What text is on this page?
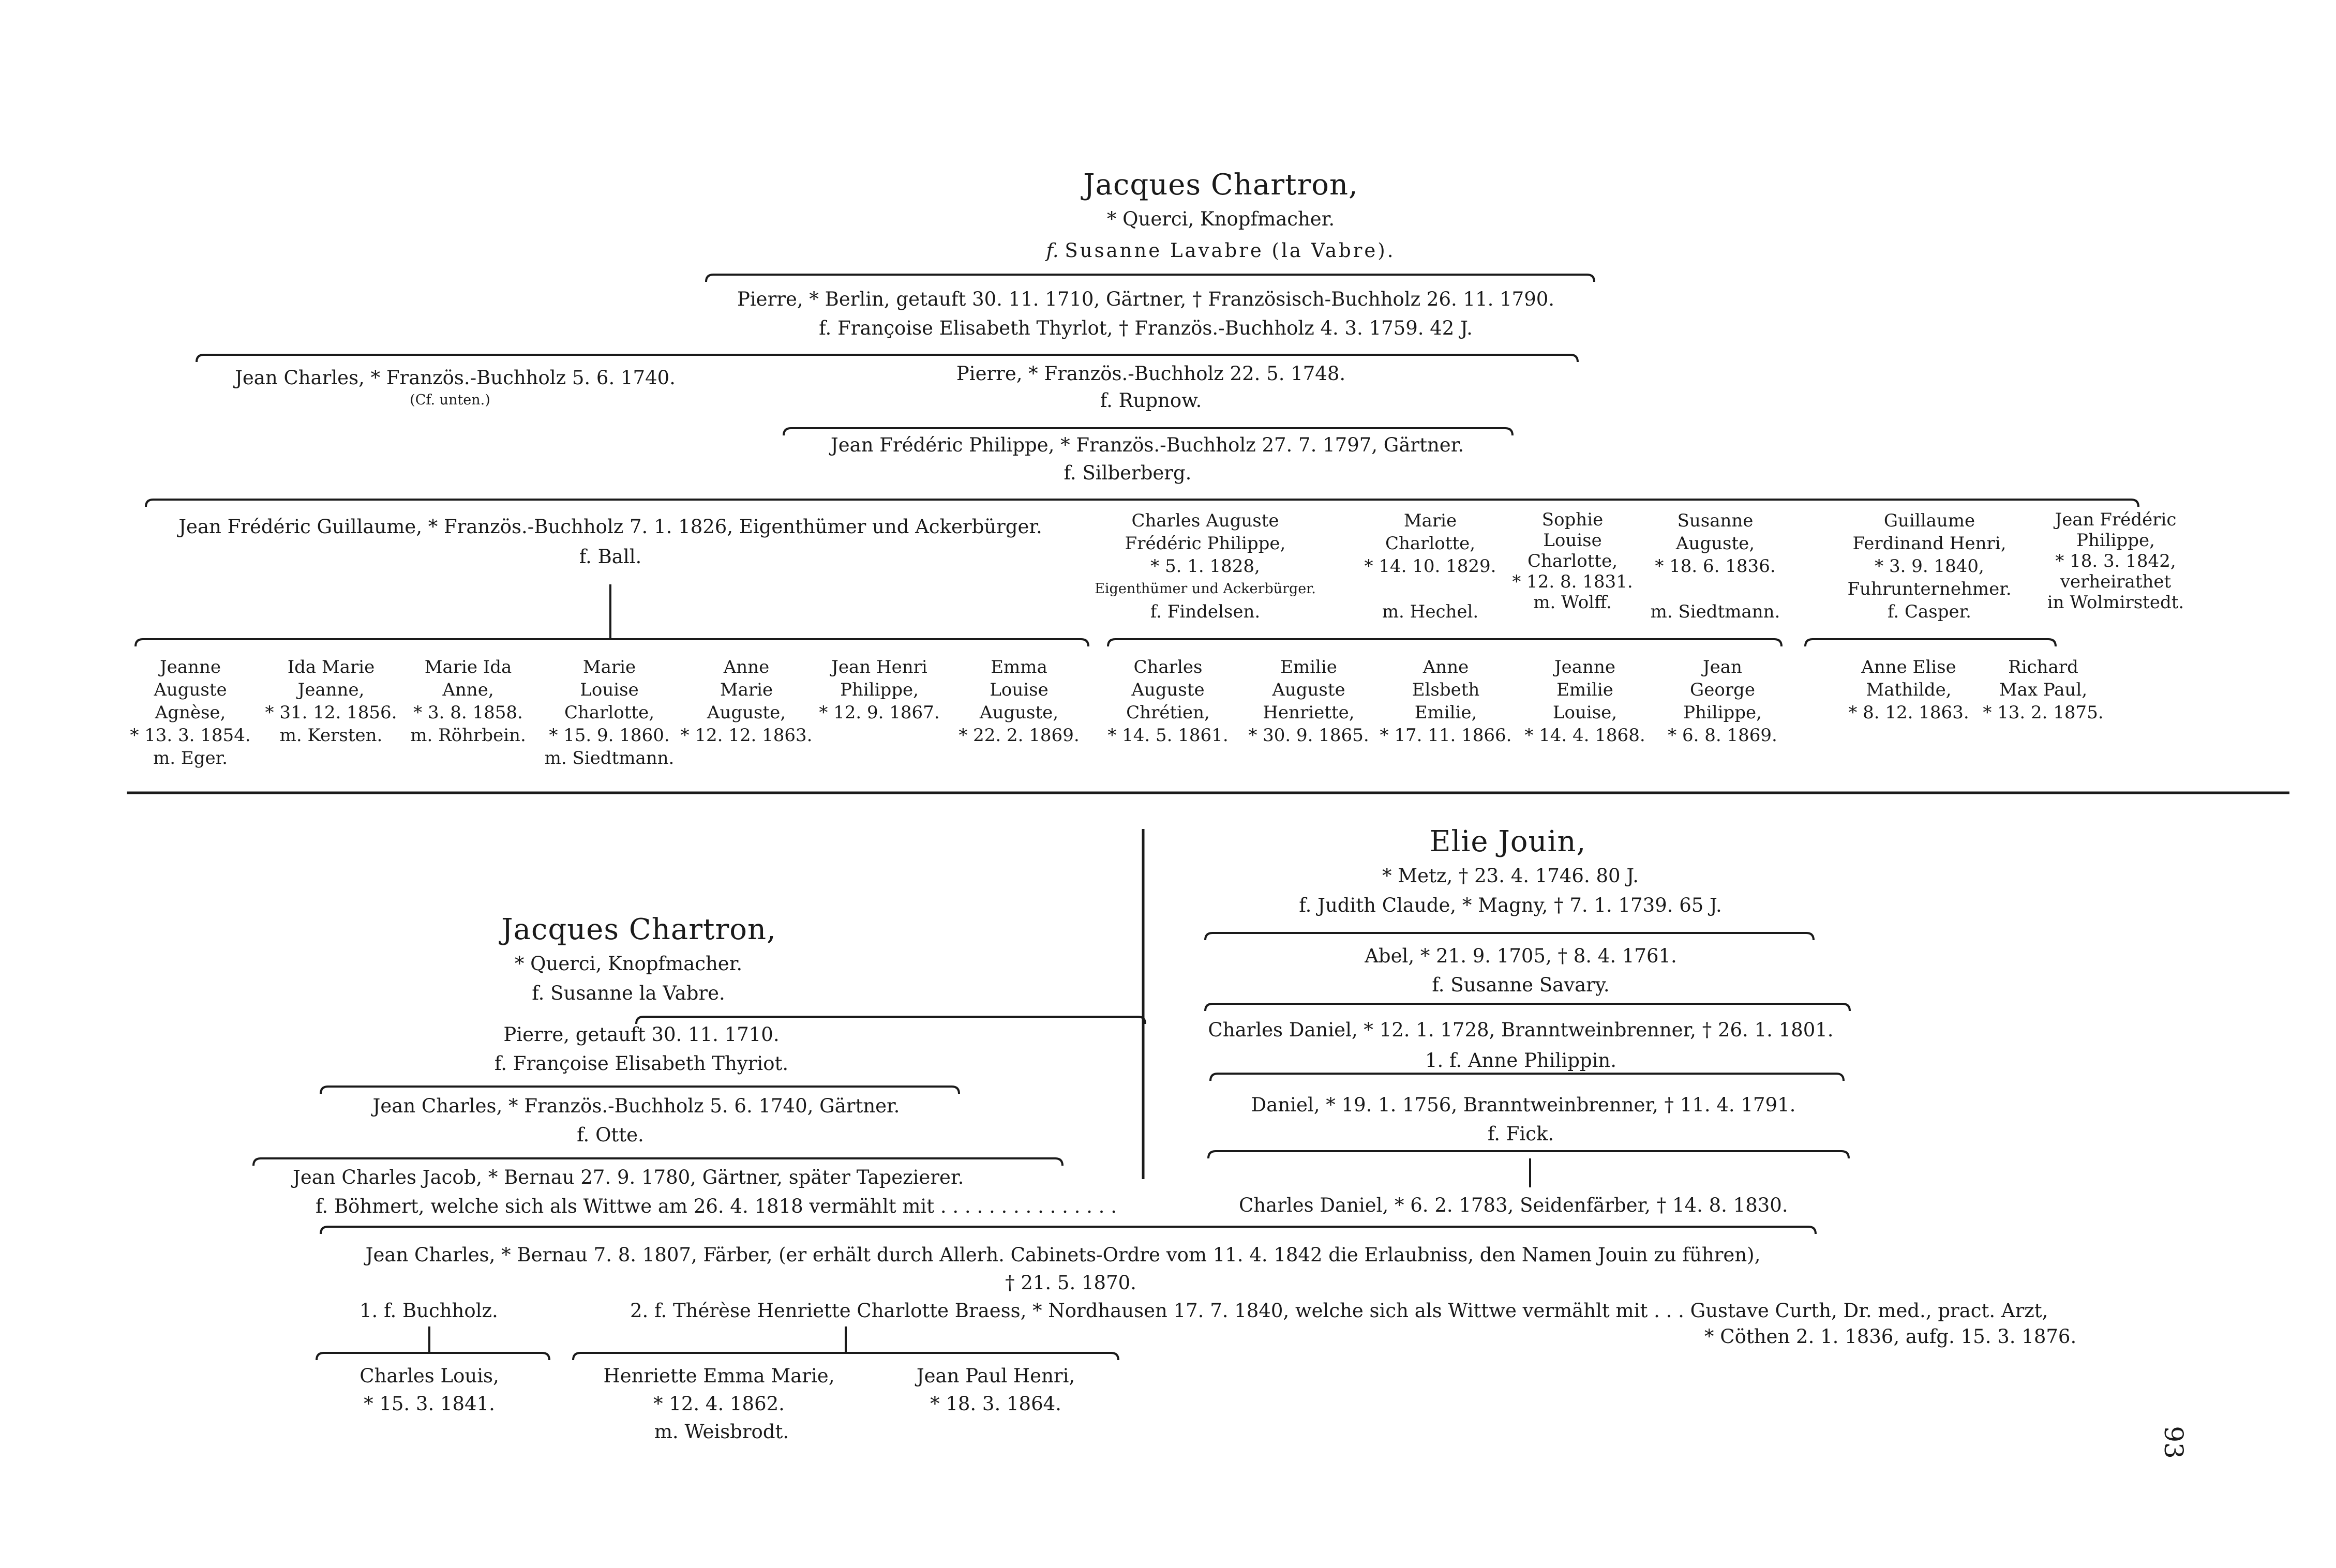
Jacques Chartron,
* Querci, Knopfmacher.
f. Susanne Lavabre (la Vabre).
Pierre, * Berlin, getauft 30. 11. 1710, Gärtner, † Französisch-Buchholz 26. 11. 1790.
f. Françoise Elisabeth Thyrlot, † Französ.-Buchholz 4. 3. 1759. 42 J.
Jean Charles, * Französ.-Buchholz 5. 6. 1740.
(Cf. unten.)
Pierre, * Französ.-Buchholz 22. 5. 1748.
f. Rupnow.
Jean Frédéric Philippe, * Französ.-Buchholz 27. 7. 1797, Gärtner.
f. Silberberg.
Jean Frédéric Guillaume, * Französ.-Buchholz 7. 1. 1826, Eigenthümer und Ackerbürger.
f. Ball.
Charles Auguste
Frédéric Philippe,
* 5. 1. 1828,
Eigenthümer und Ackerbürger.
f. Findelsen.
Marie
Charlotte,
* 14. 10. 1829.

m. Hechel.
Sophie
Louise
Charlotte,
* 12. 8. 1831.
m. Wolff.
Susanne
Auguste,
* 18. 6. 1836.

m. Siedtmann.
Guillaume
Ferdinand Henri,
* 3. 9. 1840,
Fuhrunternehmer.
f. Casper.
Jean Frédéric
Philippe,
* 18. 3. 1842,
verheirathet
in Wolmirstedt.
Jeanne
Auguste
Agnèse,
* 13. 3. 1854.
m. Eger.
Ida Marie
Jeanne,
* 31. 12. 1856.
m. Kersten.
Marie Ida
Anne,
* 3. 8. 1858.
m. Röhrbein.
Marie
Louise
Charlotte,
* 15. 9. 1860.
m. Siedtmann.
Anne
Marie
Auguste,
* 12. 12. 1863.
Jean Henri
Philippe,
* 12. 9. 1867.
Emma
Louise
Auguste,
* 22. 2. 1869.
Charles
Auguste
Chrétien,
* 14. 5. 1861.
Emilie
Auguste
Henriette,
* 30. 9. 1865.
Anne
Elsbeth
Emilie,
* 17. 11. 1866.
Jeanne
Emilie
Louise,
* 14. 4. 1868.
Jean
George
Philippe,
* 6. 8. 1869.
Anne Elise
Mathilde,
* 8. 12. 1863.
Richard
Max Paul,
* 13. 2. 1875.
Jacques Chartron,
* Querci, Knopfmacher.
f. Susanne la Vabre.
Pierre, getauft 30. 11. 1710.
f. Françoise Elisabeth Thyriot.
Jean Charles, * Französ.-Buchholz 5. 6. 1740, Gärtner.
f. Otte.
Jean Charles Jacob, * Bernau 27. 9. 1780, Gärtner, später Tapezierer.
f. Böhmert, welche sich als Wittwe am 26. 4. 1818 vermählt mit . . . . . . . . . . . . . . .
Elie Jouin,
* Metz, † 23. 4. 1746. 80 J.
f. Judith Claude, * Magny, † 7. 1. 1739. 65 J.
Abel, * 21. 9. 1705, † 8. 4. 1761.
f. Susanne Savary.
Charles Daniel, * 12. 1. 1728, Branntweinbrenner, † 26. 1. 1801.
1. f. Anne Philippin.
Daniel, * 19. 1. 1756, Branntweinbrenner, † 11. 4. 1791.
f. Fick.
Charles Daniel, * 6. 2. 1783, Seidenfärber, † 14. 8. 1830.
Jean Charles, * Bernau 7. 8. 1807, Färber, (er erhält durch Allerh. Cabinets-Ordre vom 11. 4. 1842 die Erlaubniss, den Namen Jouin zu führen),
† 21. 5. 1870.
1. f. Buchholz.	2. f. Thérèse Henriette Charlotte Braess, * Nordhausen 17. 7. 1840, welche sich als Wittwe vermählt mit . . . Gustave Curth, Dr. med., pract. Arzt,
* Cöthen 2. 1. 1836, aufg. 15. 3. 1876.
Charles Louis,
* 15. 3. 1841.
Henriette Emma Marie,
* 12. 4. 1862.
m. Weisbrodt.
Jean Paul Henri,
* 18. 3. 1864.
93
